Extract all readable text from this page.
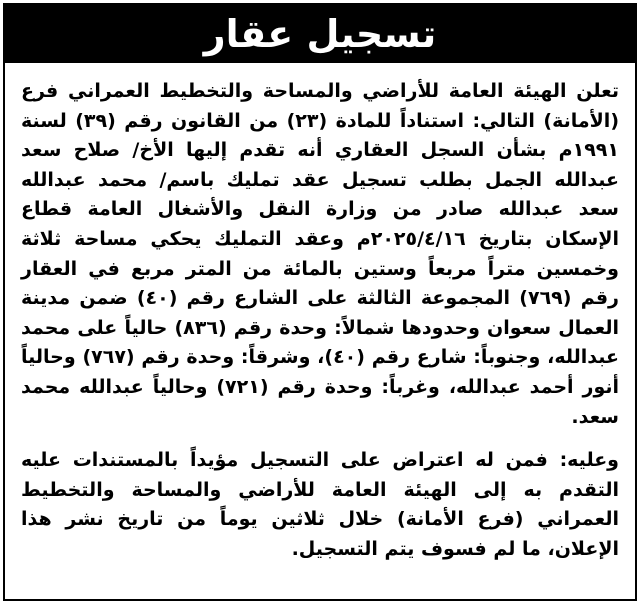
تسجيل عقار

تعلن الهيئة العامة للأراضي والمساحة والتخطيط العمراني فرع (الأمانة) التالي: استناداً للمادة (٢٣) من القانون رقم (٣٩) لسنة ١٩٩١م بشأن السجل العقاري أنه تقدم إليها الأخ/ صلاح سعد عبدالله الجمل بطلب تسجيل عقد تمليك باسم/ محمد عبدالله سعد عبدالله صادر من وزارة النقل والأشغال العامة قطاع الإسكان بتاريخ ٢٠٢٥/٤/١٦م وعقد التمليك يحكي مساحة ثلاثة وخمسين متراً مربعاً وستين بالمائة من المتر مربع في العقار رقم (٧٦٩) المجموعة الثالثة على الشارع رقم (٤٠) ضمن مدينة العمال سعوان وحدودها شمالاً: وحدة رقم (٨٣٦) حالياً على محمد عبدالله، وجنوباً: شارع رقم (٤٠)، وشرقاً: وحدة رقم (٧٦٧) وحالياً أنور أحمد عبدالله، وغرباً: وحدة رقم (٧٢١) وحالياً عبدالله محمد سعد.

وعليه: فمن له اعتراض على التسجيل مؤيداً بالمستندات عليه التقدم به إلى الهيئة العامة للأراضي والمساحة والتخطيط العمراني (فرع الأمانة) خلال ثلاثين يوماً من تاريخ نشر هذا الإعلان، ما لم فسوف يتم التسجيل.
